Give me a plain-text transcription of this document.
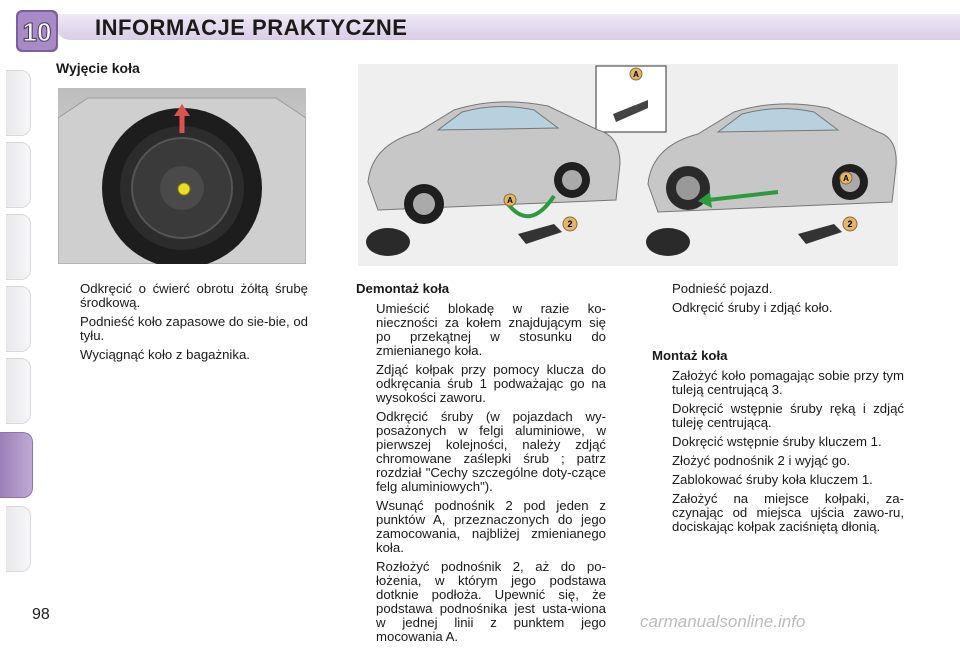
10 INFORMACJE PRAKTYCZNE
Wyjęcie koła	A
2
A
2
A
Odkręcić o ćwierć obrotu żółtą śrubę środkową.
Podnieść koło zapasowe do sie-bie, od tyłu.
Wyciągnąć koło z bagażnika.
Demontaż koła
Umieścić blokadę w razie ko-nieczności za kołem znajdującym się po przekątnej w stosunku do zmienianego koła.
Zdjąć kołpak przy pomocy klucza do odkręcania śrub 1 podważając go na wysokości zaworu.
Odkręcić śruby (w pojazdach wy-posażonych w felgi aluminiowe, w pierwszej kolejności, należy zdjąć chromowane zaślepki śrub ; patrz rozdział "Cechy szczególne doty-czące felg aluminiowych").
Wsunąć podnośnik 2 pod jeden z punktów A, przeznaczonych do jego zamocowania, najbliżej zmienianego koła.
Rozłożyć podnośnik 2, aż do po-łożenia, w którym jego podstawa dotknie podłoża. Upewnić się, że podstawa podnośnika jest usta-wiona w jednej linii z punktem jego mocowania A.
Podnieść pojazd.
Odkręcić śruby i zdjąć koło.
Montaż koła
Założyć koło pomagając sobie przy tym tuleją centrującą 3.
Dokręcić wstępnie śruby ręką i zdjąć tuleję centrującą.
Dokręcić wstępnie śruby kluczem 1.
Złożyć podnośnik 2 i wyjąć go.
Zablokować śruby koła kluczem 1.
Założyć na miejsce kołpaki, za-czynając od miejsca ujścia zawo-ru, dociskając kołpak zaciśniętą dłonią.
98	carmanualsonline.info
